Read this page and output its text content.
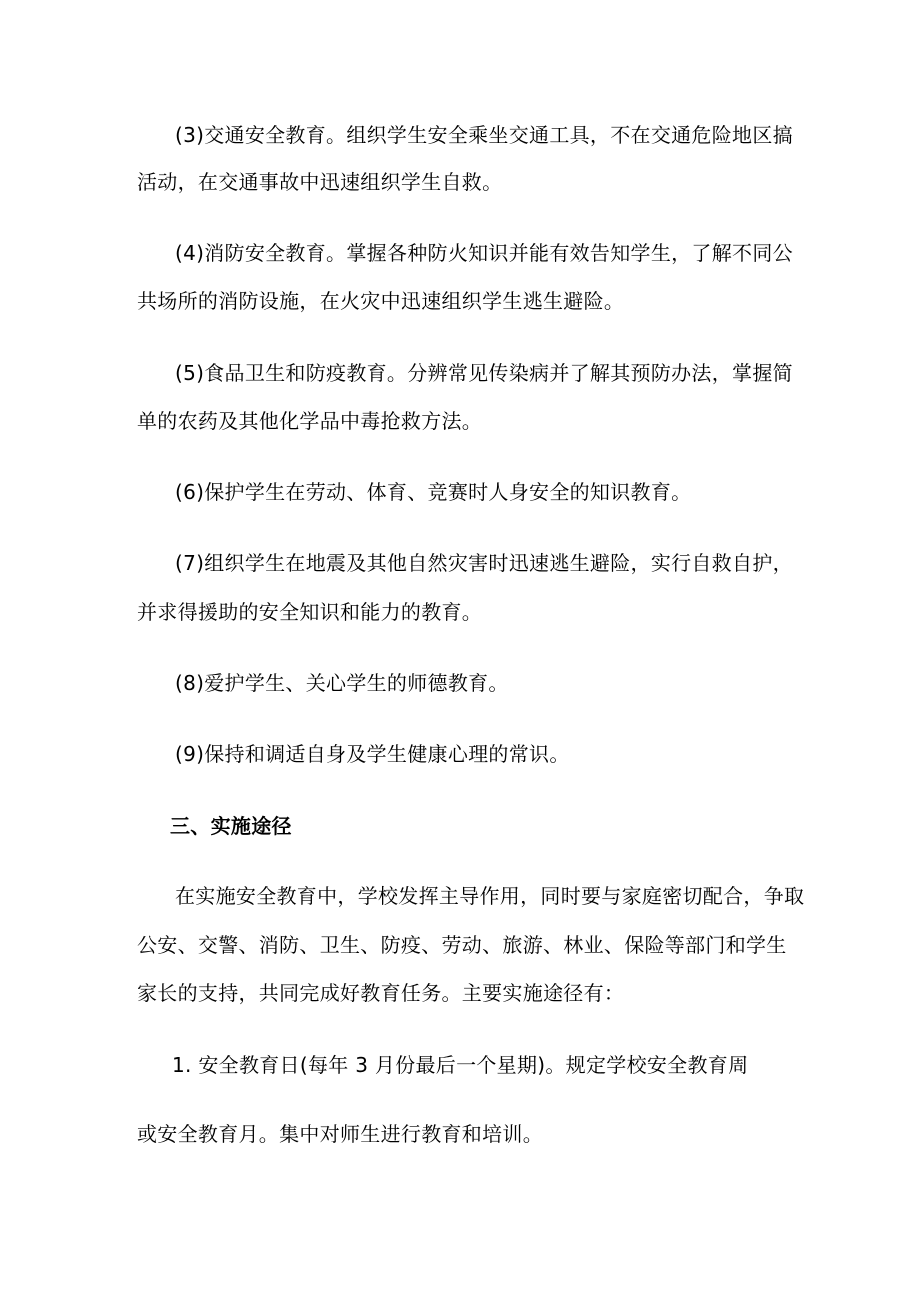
(3)交通安全教育。组织学生安全乘坐交通工具，不在交通危险地区搞
活动，在交通事故中迅速组织学生自救。
(4)消防安全教育。掌握各种防火知识并能有效告知学生，了解不同公
共场所的消防设施，在火灾中迅速组织学生逃生避险。
(5)食品卫生和防疫教育。分辨常见传染病并了解其预防办法，掌握简
单的农药及其他化学品中毒抢救方法。
(6)保护学生在劳动、体育、竞赛时人身安全的知识教育。
(7)组织学生在地震及其他自然灾害时迅速逃生避险，实行自救自护，
并求得援助的安全知识和能力的教育。
(8)爱护学生、关心学生的师德教育。
(9)保持和调适自身及学生健康心理的常识。
三、实施途径
在实施安全教育中，学校发挥主导作用，同时要与家庭密切配合，争取
公安、交警、消防、卫生、防疫、劳动、旅游、林业、保险等部门和学生
家长的支持，共同完成好教育任务。主要实施途径有：
1. 安全教育日(每年 3 月份最后一个星期)。规定学校安全教育周
或安全教育月。集中对师生进行教育和培训。
